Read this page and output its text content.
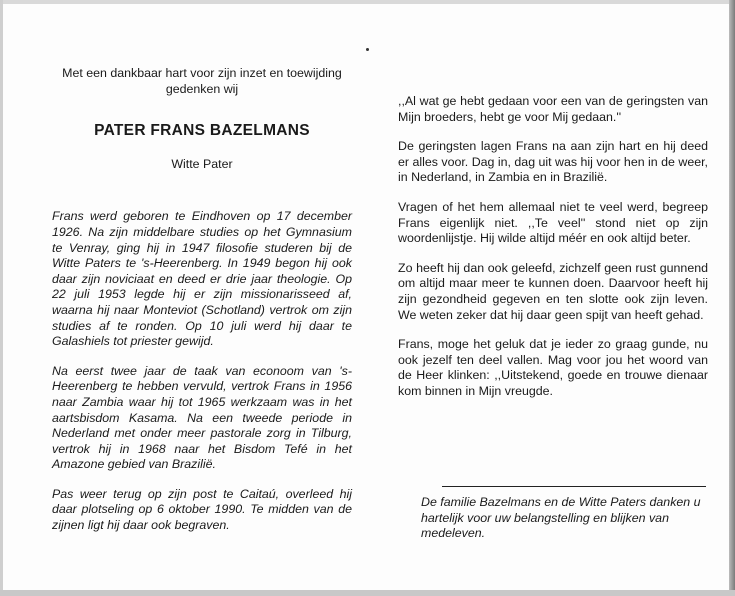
Met een dankbaar hart voor zijn inzet en toewijding
gedenken wij
PATER FRANS BAZELMANS
Witte Pater

Frans werd geboren te Eindhoven op 17 december 1926. Na zijn middelbare studies op het Gymnasium te Venray, ging hij in 1947 filosofie studeren bij de Witte Paters te 's-Heerenberg. In 1949 begon hij ook daar zijn noviciaat en deed er drie jaar theologie. Op 22 juli 1953 legde hij er zijn missionarisseed af, waarna hij naar Monteviot (Schotland) vertrok om zijn studies af te ronden. Op 10 juli werd hij daar te Galashiels tot priester gewijd.

Na eerst twee jaar de taak van econoom van 's-Heerenberg te hebben vervuld, vertrok Frans in 1956 naar Zambia waar hij tot 1965 werkzaam was in het aartsbisdom Kasama. Na een tweede periode in Nederland met onder meer pastorale zorg in Tilburg, vertrok hij in 1968 naar het Bisdom Tefé in het Amazone gebied van Brazilië.

Pas weer terug op zijn post te Caitaú, overleed hij daar plotseling op 6 oktober 1990. Te midden van de zijnen ligt hij daar ook begraven.

,,Al wat ge hebt gedaan voor een van de geringsten van Mijn broeders, hebt ge voor Mij gedaan.''

De geringsten lagen Frans na aan zijn hart en hij deed er alles voor. Dag in, dag uit was hij voor hen in de weer, in Nederland, in Zambia en in Brazilië.

Vragen of het hem allemaal niet te veel werd, begreep Frans eigenlijk niet. ,,Te veel'' stond niet op zijn woordenlijstje. Hij wilde altijd méér en ook altijd beter.

Zo heeft hij dan ook geleefd, zichzelf geen rust gunnend om altijd maar meer te kunnen doen. Daarvoor heeft hij zijn gezondheid gegeven en ten slotte ook zijn leven. We weten zeker dat hij daar geen spijt van heeft gehad.

Frans, moge het geluk dat je ieder zo graag gunde, nu ook jezelf ten deel vallen. Mag voor jou het woord van de Heer klinken: ,,Uitstekend, goede en trouwe dienaar kom binnen in Mijn vreugde.

De familie Bazelmans en de Witte Paters danken u hartelijk voor uw belangstelling en blijken van medeleven.
